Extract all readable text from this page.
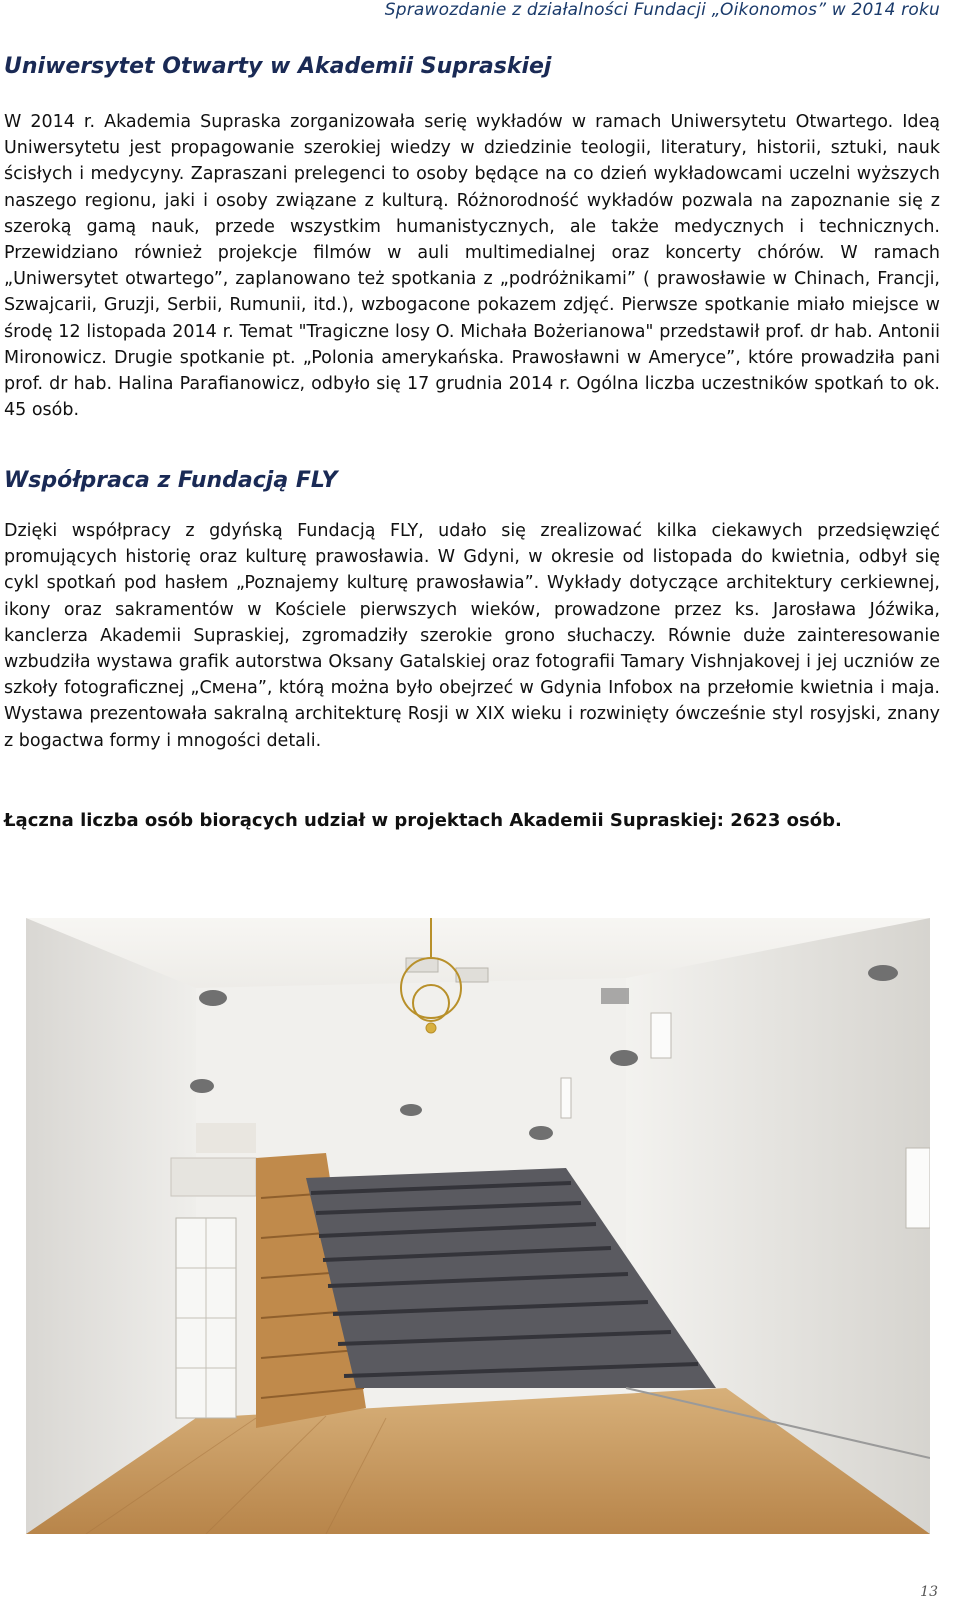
Sprawozdanie z działalności Fundacji „Oikonomos” w 2014 roku
Uniwersytet Otwarty w Akademii Supraskiej

W 2014 r. Akademia Supraska zorganizowała serię wykładów w ramach Uniwersytetu Otwartego. Ideą Uniwersytetu jest propagowanie szerokiej wiedzy w dziedzinie teologii, literatury, historii, sztuki, nauk ścisłych i medycyny. Zapraszani prelegenci to osoby będące na co dzień wykładowcami uczelni wyższych naszego regionu, jaki i osoby związane z kulturą. Różnorodność wykładów pozwala na zapoznanie się z szeroką gamą nauk, przede wszystkim humanistycznych, ale także medycznych i technicznych. Przewidziano również projekcje filmów w auli multimedialnej oraz koncerty chórów. W ramach „Uniwersytet otwartego”, zaplanowano też spotkania z „podróżnikami” ( prawosławie w Chinach, Francji, Szwajcarii, Gruzji, Serbii, Rumunii, itd.), wzbogacone pokazem zdjęć. Pierwsze spotkanie miało miejsce w środę 12 listopada 2014 r. Temat "Tragiczne losy O. Michała Bożerianowa" przedstawił prof. dr hab. Antonii Mironowicz. Drugie spotkanie pt. „Polonia amerykańska. Prawosławni w Ameryce”, które prowadziła pani prof. dr hab. Halina Parafianowicz, odbyło się 17 grudnia 2014 r. Ogólna liczba uczestników spotkań to ok. 45 osób.

Współpraca z Fundacją FLY

Dzięki współpracy z gdyńską Fundacją FLY, udało się zrealizować kilka ciekawych przedsięwzięć promujących historię oraz kulturę prawosławia. W Gdyni, w okresie od listopada do kwietnia, odbył się cykl spotkań pod hasłem „Poznajemy kulturę prawosławia”. Wykłady dotyczące architektury cerkiewnej, ikony oraz sakramentów w Kościele pierwszych wieków, prowadzone przez ks. Jarosława Jóźwika, kanclerza Akademii Supraskiej, zgromadziły szerokie grono słuchaczy. Równie duże zainteresowanie wzbudziła wystawa grafik autorstwa Oksany Gatalskiej oraz fotografii Tamary Vishnjakovej i jej uczniów ze szkoły fotograficznej „Смена”, którą można było obejrzeć w Gdynia Infobox na przełomie kwietnia i maja. Wystawa prezentowała sakralną architekturę Rosji w XIX wieku i rozwinięty ówcześnie styl rosyjski, znany z bogactwa formy i mnogości detali.

Łączna liczba osób biorących udział w projektach Akademii Supraskiej: 2623 osób.

13
